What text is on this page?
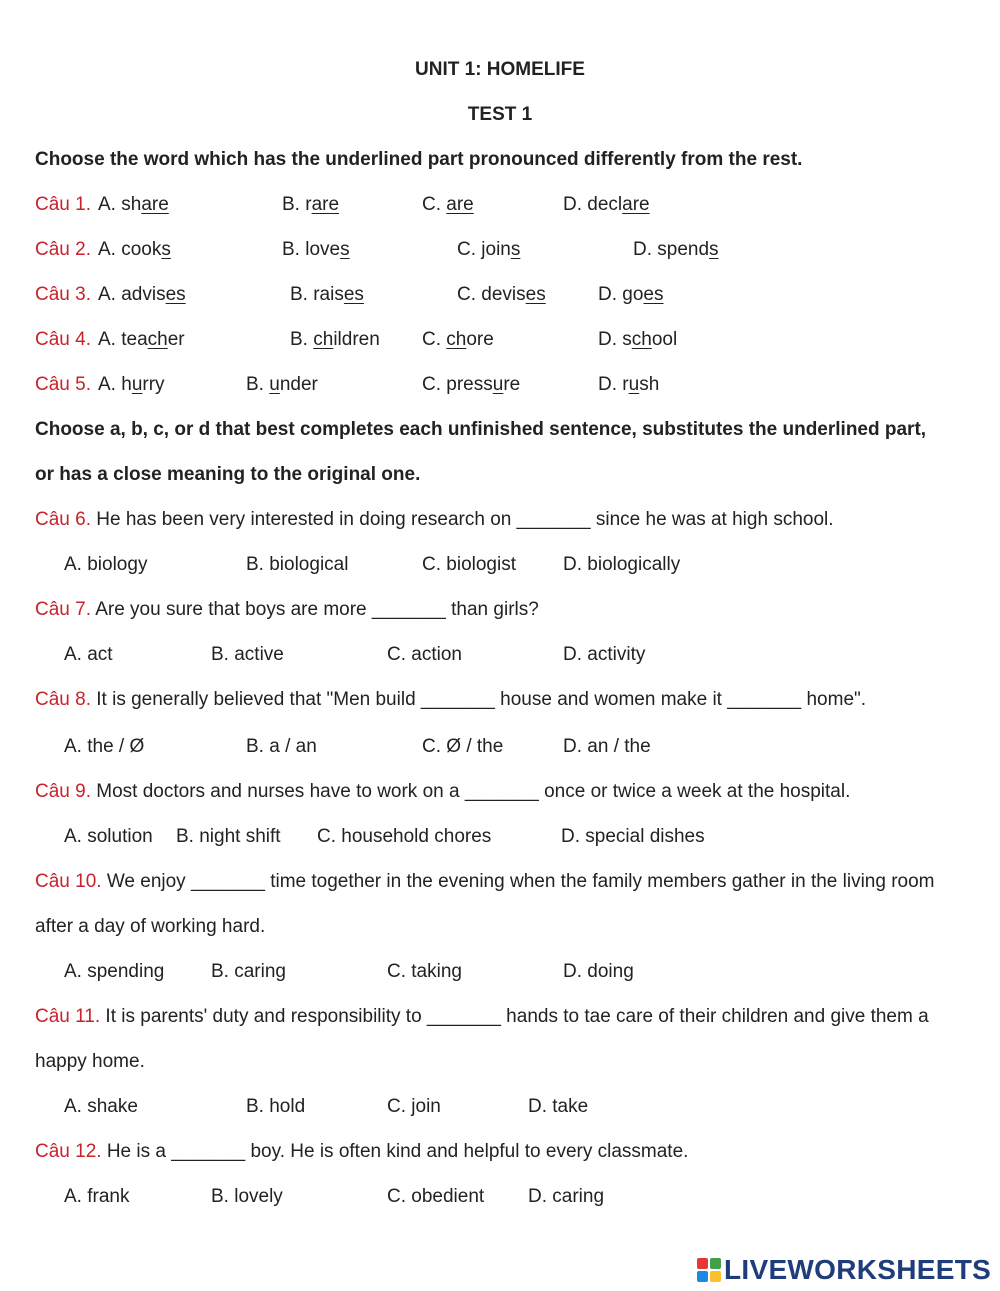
UNIT 1: HOMELIFE
TEST 1
Choose the word which has the underlined part pronounced differently from the rest.
Câu 1. A. share	B. rare	C. are	D. declare
Câu 2. A. cooks	B. loves	C. joins	D. spends
Câu 3. A. advises	B. raises	C. devises	D. goes
Câu 4. A. teacher	B. children C. chore	D. school
Câu 5. A. hurry	B. under	C. pressure	D. rush
Choose a, b, c, or d that best completes each unfinished sentence, substitutes the underlined part,
or has a close meaning to the original one.
Câu 6. He has been very interested in doing research on _______ since he was at high school.
A. biology	B. biological	C. biologist D. biologically
Câu 7. Are you sure that boys are more _______ than girls?
A. act	B. active	C. action	D. activity
Câu 8. It is generally believed that "Men build _______ house and women make it _______ home".
A. the / Ø	B. a / an	C. Ø / the	D. an / the
Câu 9. Most doctors and nurses have to work on a _______ once or twice a week at the hospital.
A. solution B. night shift C. household chores	D. special dishes
Câu 10. We enjoy _______ time together in the evening when the family members gather in the living room
after a day of working hard.
A. spending B. caring	C. taking	D. doing
Câu 11. It is parents' duty and responsibility to _______ hands to tae care of their children and give them a
happy home.
A. shake	B. hold	C. join	D. take
Câu 12. He is a _______ boy. He is often kind and helpful to every classmate.
A. frank	B. lovely	C. obedient D. caring
LIVEWORKSHEETS
